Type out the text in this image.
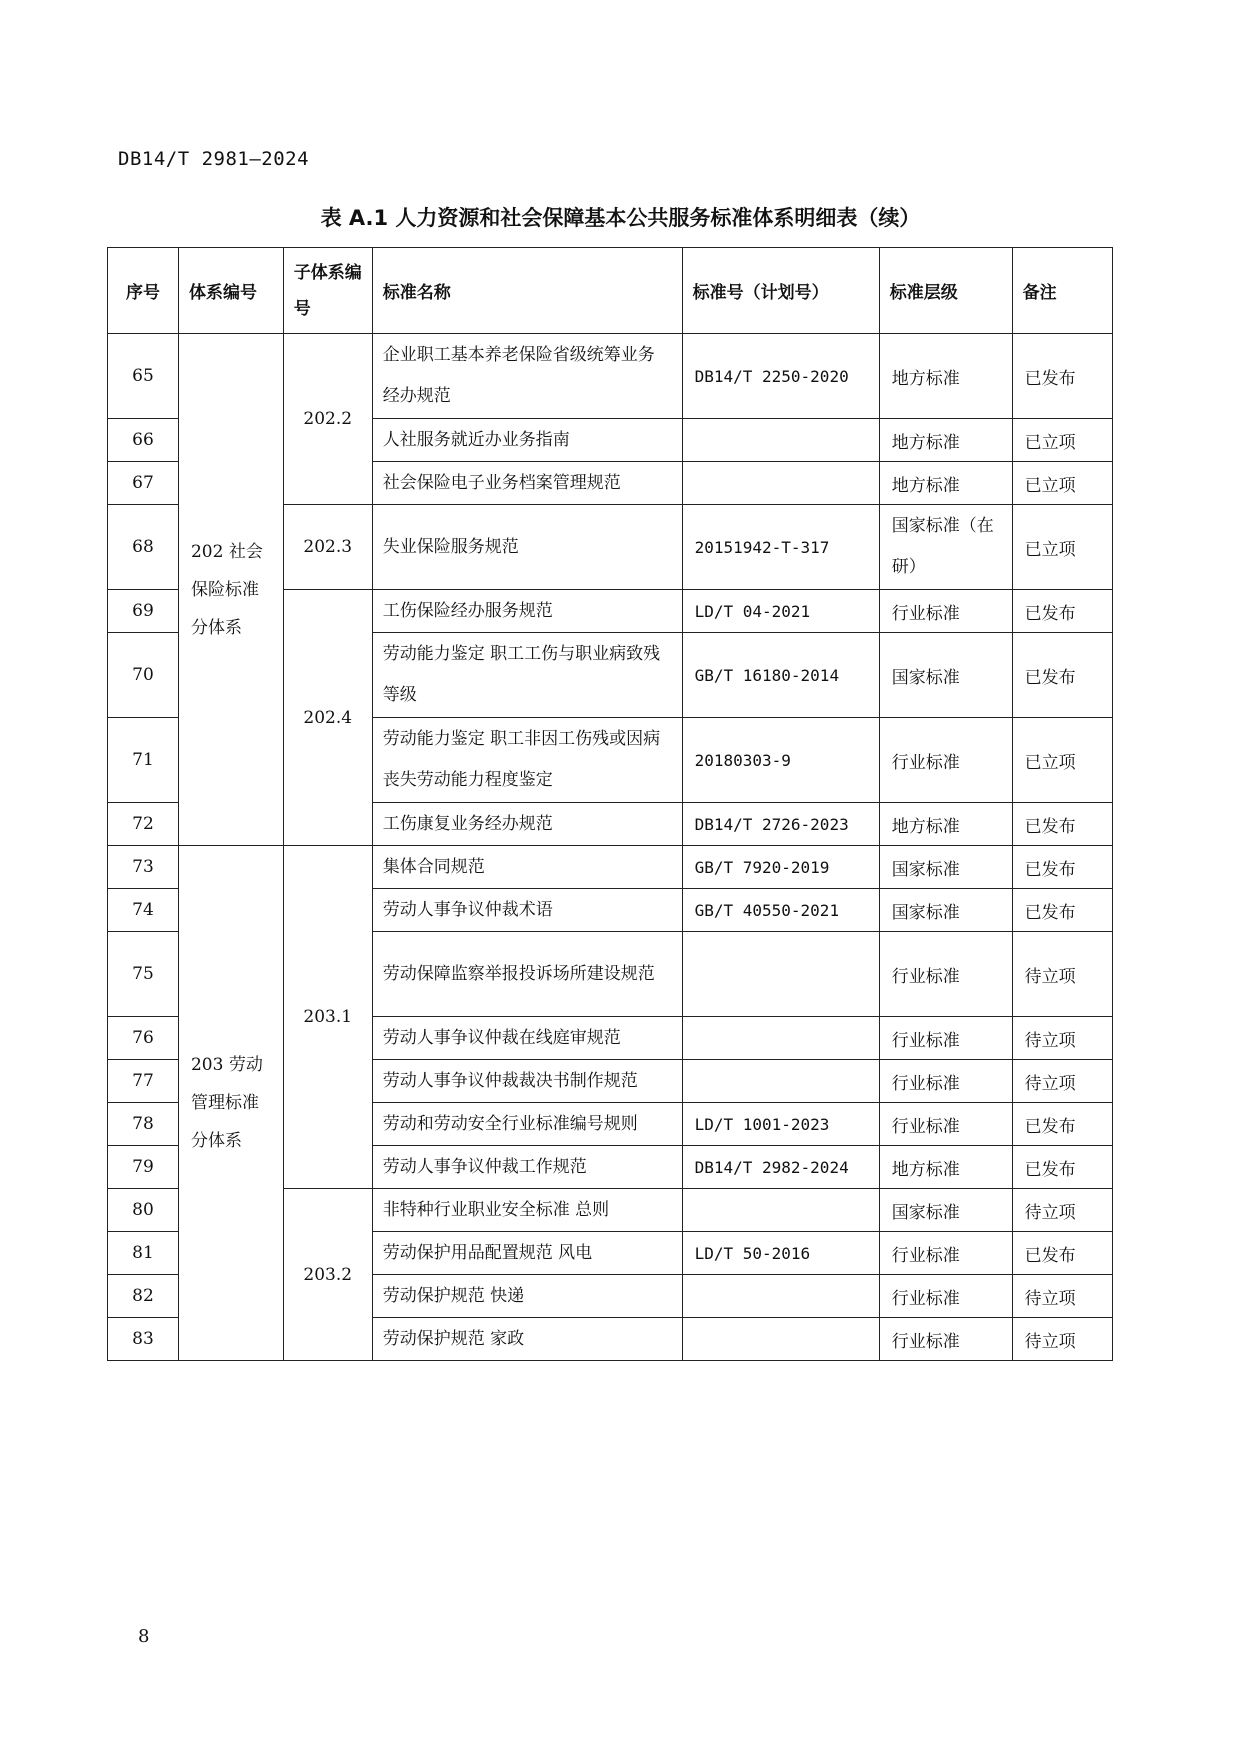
DB14/T 2981—2024
表 A.1 人力资源和社会保障基本公共服务标准体系明细表（续）
序号	体系编号	子体系编号	标准名称	标准号（计划号）	标准层级	备注
65	202 社会保险标准分体系	202.2	企业职工基本养老保险省级统筹业务经办规范	DB14/T 2250-2020	地方标准	已发布
66			人社服务就近办业务指南		地方标准	已立项
67			社会保险电子业务档案管理规范		地方标准	已立项
68		202.3	失业保险服务规范	20151942-T-317	国家标准（在研）	已立项
69		202.4	工伤保险经办服务规范	LD/T 04-2021	行业标准	已发布
70			劳动能力鉴定 职工工伤与职业病致残等级	GB/T 16180-2014	国家标准	已发布
71			劳动能力鉴定 职工非因工伤残或因病丧失劳动能力程度鉴定	20180303-9	行业标准	已立项
72			工伤康复业务经办规范	DB14/T 2726-2023	地方标准	已发布
73	203 劳动管理标准分体系	203.1	集体合同规范	GB/T 7920-2019	国家标准	已发布
74			劳动人事争议仲裁术语	GB/T 40550-2021	国家标准	已发布
75			劳动保障监察举报投诉场所建设规范		行业标准	待立项
76			劳动人事争议仲裁在线庭审规范		行业标准	待立项
77			劳动人事争议仲裁裁决书制作规范		行业标准	待立项
78			劳动和劳动安全行业标准编号规则	LD/T 1001-2023	行业标准	已发布
79			劳动人事争议仲裁工作规范	DB14/T 2982-2024	地方标准	已发布
80		203.2	非特种行业职业安全标准 总则		国家标准	待立项
81			劳动保护用品配置规范 风电	LD/T 50-2016	行业标准	已发布
82			劳动保护规范 快递		行业标准	待立项
83			劳动保护规范 家政		行业标准	待立项
8
